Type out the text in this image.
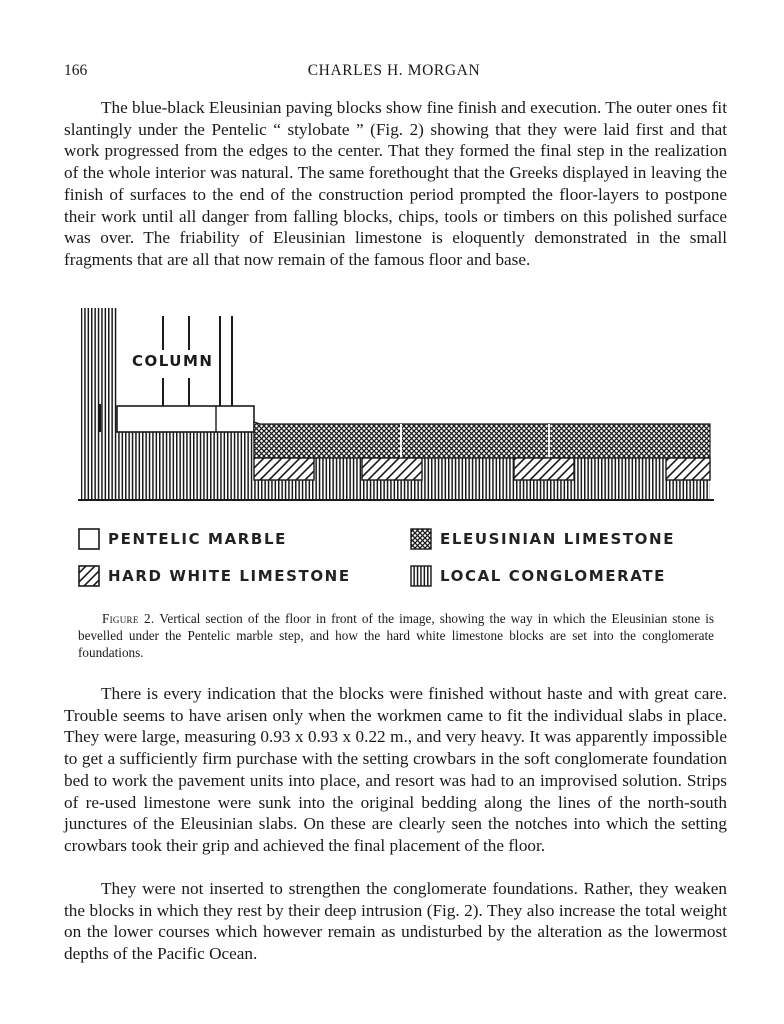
166	CHARLES H. MORGAN

The blue-black Eleusinian paving blocks show fine finish and execution. The outer ones fit slantingly under the Pentelic “ stylobate ” (Fig. 2) showing that they were laid first and that work progressed from the edges to the center. That they formed the final step in the realization of the whole interior was natural. The same forethought that the Greeks displayed in leaving the finish of surfaces to the end of the construction period prompted the floor-layers to postpone their work until all danger from falling blocks, chips, tools or timbers on this polished surface was over. The friability of Eleusinian limestone is eloquently demonstrated in the small fragments that are all that now remain of the famous floor and base.

COLUMN
PENTELIC MARBLE	ELEUSINIAN LIMESTONE
HARD WHITE LIMESTONE	LOCAL CONGLOMERATE

Figure 2. Vertical section of the floor in front of the image, showing the way in which the Eleusinian stone is bevelled under the Pentelic marble step, and how the hard white limestone blocks are set into the conglomerate foundations.

There is every indication that the blocks were finished without haste and with great care. Trouble seems to have arisen only when the workmen came to fit the individual slabs in place. They were large, measuring 0.93 x 0.93 x 0.22 m., and very heavy. It was apparently impossible to get a sufficiently firm purchase with the setting crowbars in the soft conglomerate foundation bed to work the pavement units into place, and resort was had to an improvised solution. Strips of re-used limestone were sunk into the original bedding along the lines of the north-south junctures of the Eleusinian slabs. On these are clearly seen the notches into which the setting crowbars took their grip and achieved the final placement of the floor.

They were not inserted to strengthen the conglomerate foundations. Rather, they weaken the blocks in which they rest by their deep intrusion (Fig. 2). They also increase the total weight on the lower courses which however remain as undisturbed by the alteration as the lowermost depths of the Pacific Ocean.
